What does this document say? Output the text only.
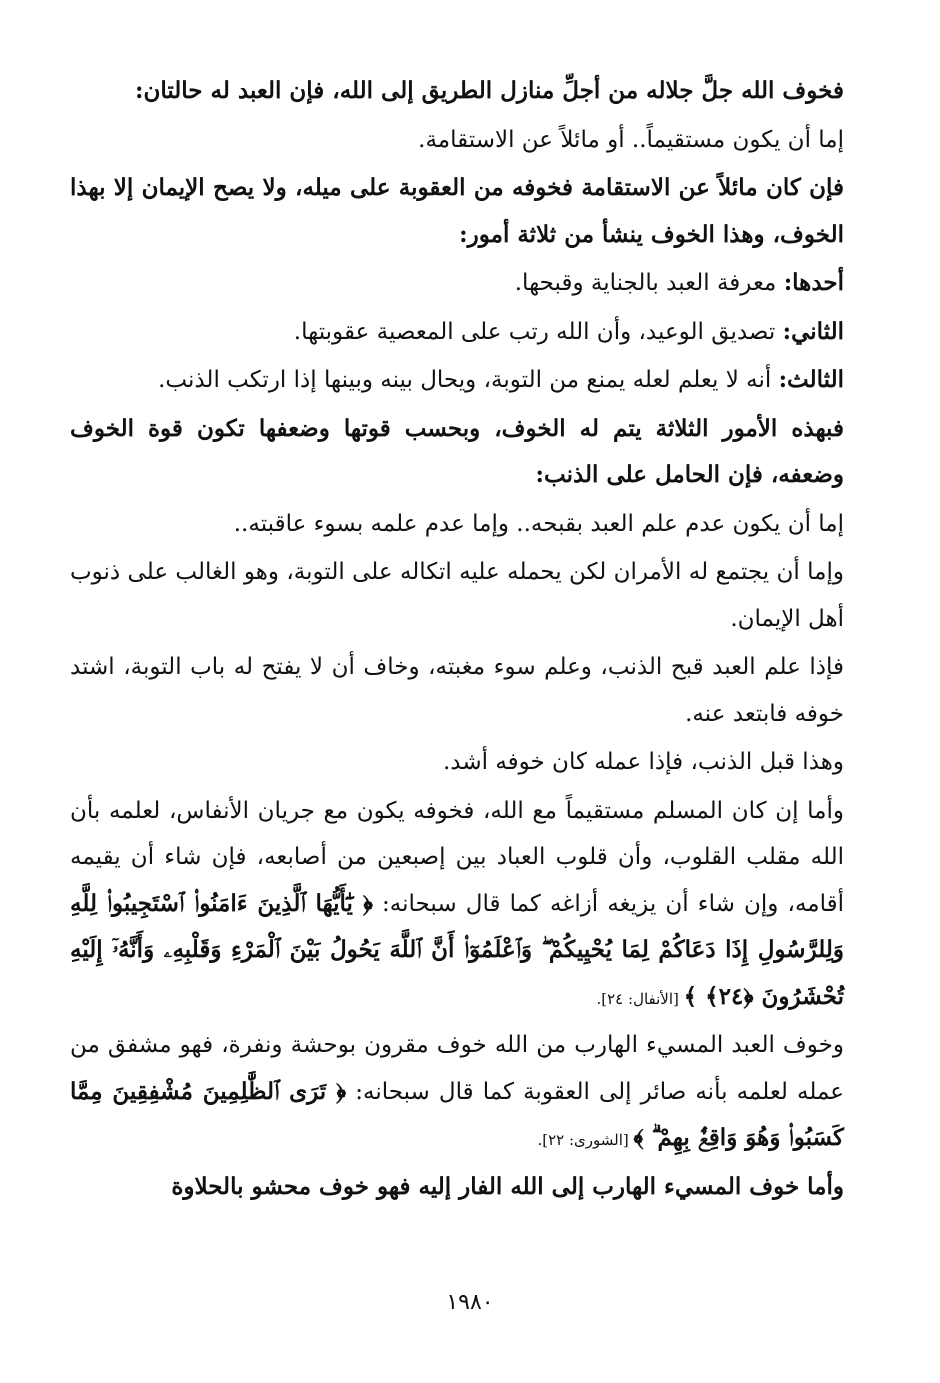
فخوف الله جلَّ جلاله من أجلِّ منازل الطريق إلى الله، فإن العبد له حالتان:

إما أن يكون مستقيماً.. أو مائلاً عن الاستقامة.

فإن كان مائلاً عن الاستقامة فخوفه من العقوبة على ميله، ولا يصح الإيمان إلا بهذا الخوف، وهذا الخوف ينشأ من ثلاثة أمور:

أحدها: معرفة العبد بالجناية وقبحها.

الثاني: تصديق الوعيد، وأن الله رتب على المعصية عقوبتها.

الثالث: أنه لا يعلم لعله يمنع من التوبة، ويحال بينه وبينها إذا ارتكب الذنب.

فبهذه الأمور الثلاثة يتم له الخوف، وبحسب قوتها وضعفها تكون قوة الخوف وضعفه، فإن الحامل على الذنب:

إما أن يكون عدم علم العبد بقبحه.. وإما عدم علمه بسوء عاقبته..

وإما أن يجتمع له الأمران لكن يحمله عليه اتكاله على التوبة، وهو الغالب على ذنوب أهل الإيمان.

فإذا علم العبد قبح الذنب، وعلم سوء مغبته، وخاف أن لا يفتح له باب التوبة، اشتد خوفه فابتعد عنه.

وهذا قبل الذنب، فإذا عمله كان خوفه أشد.

وأما إن كان المسلم مستقيماً مع الله، فخوفه يكون مع جريان الأنفاس، لعلمه بأن الله مقلب القلوب، وأن قلوب العباد بين إصبعين من أصابعه، فإن شاء أن يقيمه أقامه، وإن شاء أن يزيغه أزاغه كما قال سبحانه: ﴿ يَٰٓأَيُّهَا ٱلَّذِينَ ءَامَنُوا۟ ٱسْتَجِيبُوا۟ لِلَّهِ وَلِلرَّسُولِ إِذَا دَعَاكُمْ لِمَا يُحْيِيكُمْ ۖ وَٱعْلَمُوٓا۟ أَنَّ ٱللَّهَ يَحُولُ بَيْنَ ٱلْمَرْءِ وَقَلْبِهِۦ وَأَنَّهُۥٓ إِلَيْهِ تُحْشَرُونَ ﴿٢٤﴾ ﴾ [الأنفال: ٢٤].

وخوف العبد المسيء الهارب من الله خوف مقرون بوحشة ونفرة، فهو مشفق من عمله لعلمه بأنه صائر إلى العقوبة كما قال سبحانه: ﴿ تَرَى ٱلظَّٰلِمِينَ مُشْفِقِينَ مِمَّا كَسَبُوا۟ وَهُوَ وَاقِعٌۢ بِهِمْ ۗ ﴾ [الشورى: ٢٢].

وأما خوف المسيء الهارب إلى الله الفار إليه فهو خوف محشو بالحلاوة

١٩٨٠
